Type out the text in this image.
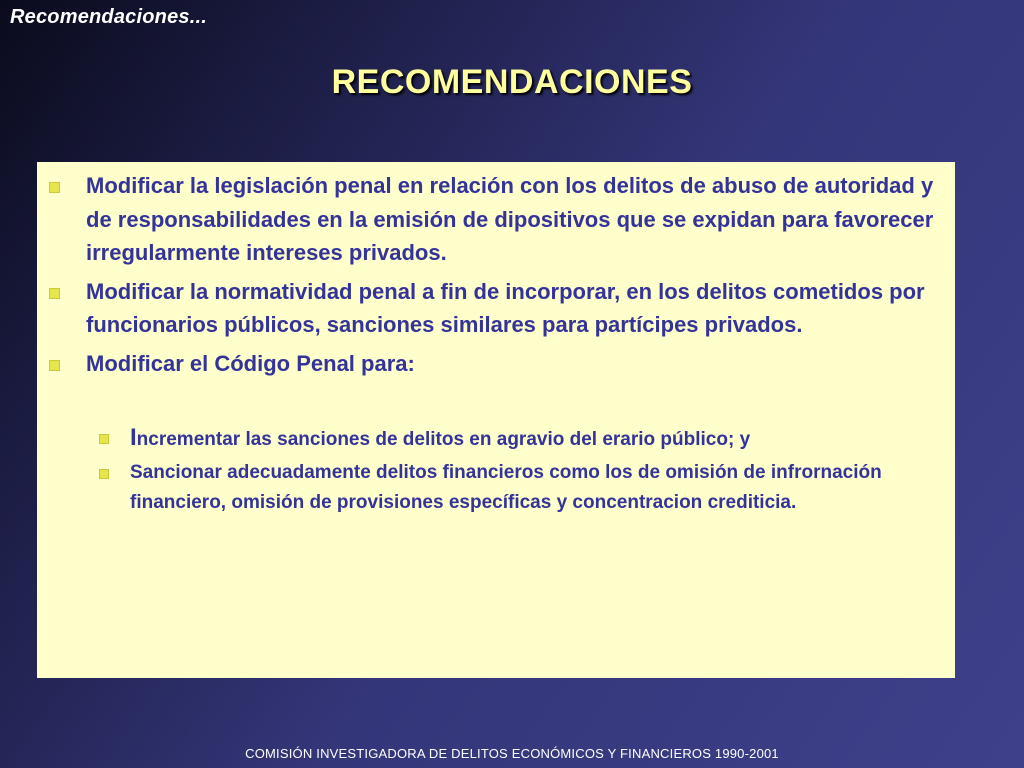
Recomendaciones...
RECOMENDACIONES
Modificar la legislación penal en relación con los delitos de abuso de autoridad y de responsabilidades en la emisión de dipositivos que se expidan para favorecer irregularmente intereses privados.
Modificar la normatividad penal a fin de incorporar, en los delitos cometidos por funcionarios públicos, sanciones similares para partícipes privados.
Modificar el Código Penal para:
Incrementar las sanciones de delitos en agravio del erario público; y
Sancionar adecuadamente delitos financieros como los de omisión de infrornación financiero, omisión de provisiones específicas y concentracion crediticia.
COMISIÓN INVESTIGADORA DE DELITOS ECONÓMICOS Y FINANCIEROS 1990-2001
